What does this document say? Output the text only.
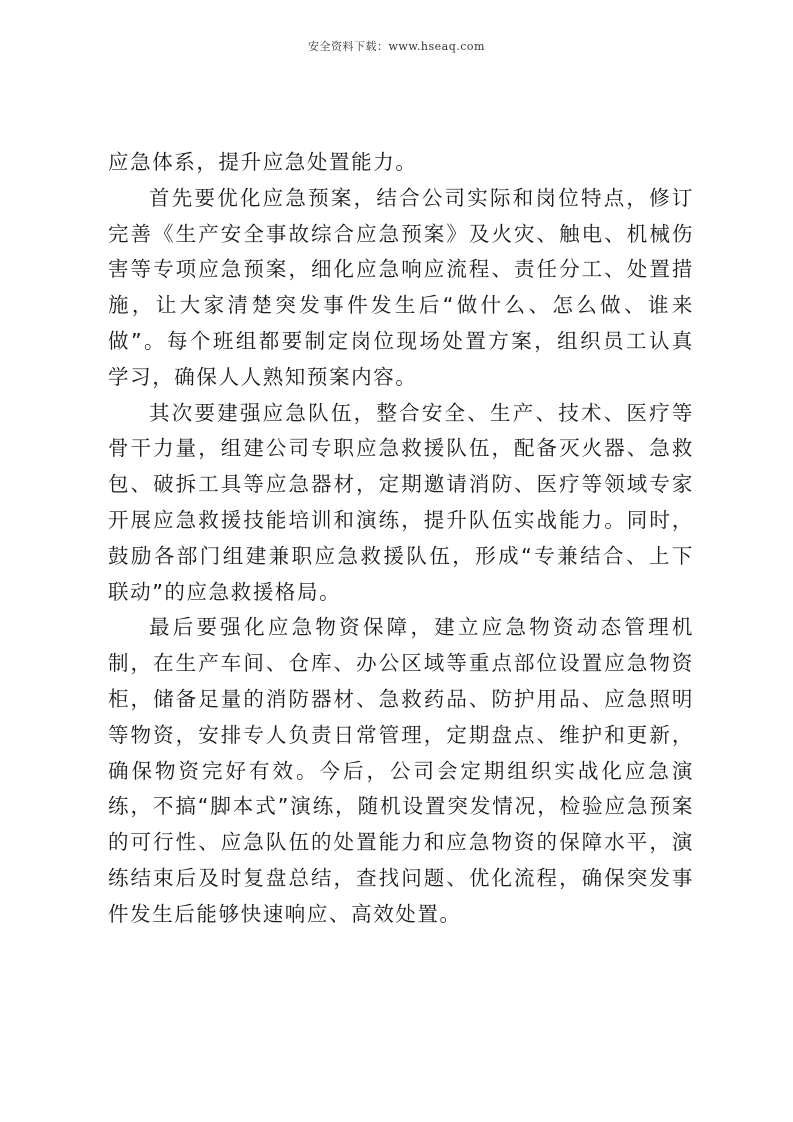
安全资料下载：www.hseaq.com

应急体系，提升应急处置能力。

首先要优化应急预案，结合公司实际和岗位特点，修订完善《生产安全事故综合应急预案》及火灾、触电、机械伤害等专项应急预案，细化应急响应流程、责任分工、处置措施，让大家清楚突发事件发生后“做什么、怎么做、谁来做”。每个班组都要制定岗位现场处置方案，组织员工认真学习，确保人人熟知预案内容。

其次要建强应急队伍，整合安全、生产、技术、医疗等骨干力量，组建公司专职应急救援队伍，配备灭火器、急救包、破拆工具等应急器材，定期邀请消防、医疗等领域专家开展应急救援技能培训和演练，提升队伍实战能力。同时，鼓励各部门组建兼职应急救援队伍，形成“专兼结合、上下联动”的应急救援格局。

最后要强化应急物资保障，建立应急物资动态管理机制，在生产车间、仓库、办公区域等重点部位设置应急物资柜，储备足量的消防器材、急救药品、防护用品、应急照明等物资，安排专人负责日常管理，定期盘点、维护和更新，确保物资完好有效。今后，公司会定期组织实战化应急演练，不搞“脚本式”演练，随机设置突发情况，检验应急预案的可行性、应急队伍的处置能力和应急物资的保障水平，演练结束后及时复盘总结，查找问题、优化流程，确保突发事件发生后能够快速响应、高效处置。
